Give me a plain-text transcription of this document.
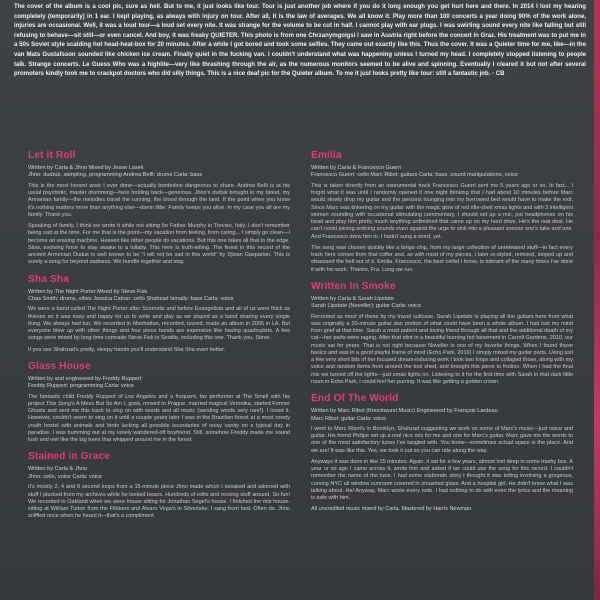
The cover of the album is a cool pic, sure as hell. But to me, it just looks like tour. Tour is just another job where if you do it long enough you get hurt here and there. In 2014 I lost my hearing completely (temporarily) in 1 ear. I kept playing, as always with injury on tour. After all, it is the law of averages. We all know it. Play more than 100 concerts a year doing 90% of the work alone, injuries are occasional. Well, it was a loud tour—a loud set every nite. It was strange for the volume to be cut in half. I cannot play with ear plugs. I was swirling sound every nite like falling but still refusing to behave—sit still—or even cancel. And boy, it was freaky QUIETER. This photo is from one Chrzanymgoigsi I saw in Austria right before the concert in Graz. His treatment was to put me in a 50s Soviet style scalding hot head-heat-box for 20 minutes. After a while I got bored and took some selfies. They came out exactly like this. Thus the cover. It was a Quieter time for me, like—in the van Mats Gustafsson sounded like chicken ice cream. Finally quiet in the fucking van. I couldn't understand what was happening unless I turned my head. I completely stopped listening to people talk. Strange concerts. Le Guess Who was a highlite—very like thrashing through the air, as the numerous monitors seemed to be alive and spinning. Eventually I cleared it but not after several promoters kindly took me to crackpot doctors who did silly things. This is a nice deaf pic for the Quieter album. To me it just looks pretty like tour: still a fantastic job. - CB

Let it Roll
Written by Carla & Jhno Mixed by Jesse Lasek
Jhno: dudruk, sampling, programming Andrea Belfi: drums Carla: bass

This is the most honest work I ever done—actually borderline dangerous to share. Andrea Belfi is at his usual psychotic, master drumming—here holding back—generous. Jhno's duduk brought in my blood, my Armenian family—the melodies travel the running; the blood through the land. If the point when you know it's nothing matters more than anything else—damn little. Family keeps you alive. In my case you all are my family. Thank you.

Speaking of family, I think we wrote it while out sitting for Father Murphy in Treviso, Italy. I don't remember being sad at the time. For me that is the point—my vacation from feeling, from caring... I simply go clean—I become an erasing machine. Heaven like other people do vacations. But this one takes all that to the edge. Slow, evolving force to stay awake to a lullaby. This here is truth-telling. The finest in this record of the ancient Armenian Duduk is well known to be "I will not be sad in this world" by Djivan Gasparian. This is surely a song for beyond sadness. We bundle together and stay.

Sha Sha
Written by The Night Porter Mixed by Steve Fisk
Chas Smith: drums, vibes Jessica Catron: cello Shahzad Ismaily: bass Carla: voice

We were a band called The Night Porter after Scornelis and before Evangelista and all of us were thick as thieves so it was easy and happy for us to write and play as we played as a band sharing every single thing. We always had fun. We recorded in Manhattan, recorded, toured, made an album in 2005 in LA. But everyone blew up with other things and four piece bands are expensive like having quadruplets. A few songs were mixed by long time comrade Steve Fisk in Seattle, including this one. Thank you, Steve.

If you see Shahzad's pretty, sleepy hands you'll understand Sha Sha even better.

Glass House
Written by and engineered by Freddy Ruppert
Freddy Ruppert: programming Carla: voice

The fantastic child Freddy Ruppert of Los Angeles and a frequent, fav performer at The Smell with his project This Song's A Mess But So Am I, grew, moved to Prague, married magical Veronika, started Former Ghosts and sent me this track to sing on with words and all music (sending words very rare!). I loved it. However, couldn't seem to sing on it until a couple years later I was in the Brazilian forest at a most rowdy youth hostel with animals and birds lacking all possible boundaries of noisy vanity on a typical day in paradise. I was bumming out at my lonely wandered-off boyfriend. Still, somehow Freddy made me sound lush and wet like the big trees that whipped around me in the forest.

Stained in Grace
Written by Carla & Jhno
Jhno: cello, voice Carla: voice

It's mostly 2, 4 and 8 second loops from a 15-minute piece Jhno made which I tweaked and adorned with stuff I plucked from my archives while he looked beans. Hundreds of edits and moving stuff around. So fun! We recorded in Oakland when we were house sitting for Jonathan Segel's house. I finished the mix house-sitting at William Tutton from the Flibbers and Alvaro Vega's in Silverlake. I sang from bed. Often do. Jhno sniffled once when he heard it—that's a compliment.

Emilia
Written by Carla & Francesco Guerri
Francesco Guerri: cello Marc Ribot: guitars Carla: bass, sound manipulations, voice

This is taken directly from an instrumental track Francesco Guerri sent me 5 years ago or so. In fact... I forgot what it was until I randomly opened it one night thinking that I had about 10 minutes before Marc would slowly drop my guitar and the persons lounging into my borrowed bed would have to make the exit. Since Marc was tinkering on my guitar with the magic glow of red rifle-shell xmas lights and with 3 intelligent women sounding with occasional stimulating commentary, I should set up a mic, put headphones on his head and play him pretty much anything unfinished that came up on my hard drive. He's the real deal. He can't resist joining enticing sounds even against the urge to sink into a pleasant snooze one's take and one. And Francesco drew him in. I hadn't sung a word, yet.

The song was chosen quickly like a bingo chip, from my large collection of unreleased stuff—in fact every track here comes from that coffer and, as with most of my pieces, I later re-styled, remixed, looped up and obsessed the hell out of it. Emilia. Francesco, the best cellist I know, is tolerant of the many times I've done it with his work. Thanks, Fra. Long we run.

Written In Smoke
Written by Carla & Sarah Lipstate
Sarah Lipstate (Noveller): guitar Carla: voice

Recorded as most of these by my travel suitcase. Sarah Lipstate is playing all the guitars here from what was originally a 20-minute guitar duo portion of what could have been a whole album. I had lost my mind from grief at that time. Sarah a most patient and loving friend through all that and the additional death of my cat—her parts were raging. After that stint in a beautiful burning hot basement in Carroll Gardens, 2010, our music sat for years. That is not right because Noveller is one of my favorite things. When I found these basics and was in a good playful frame of mind (Echo Park, 2016) I simply mixed my guitar parts. Using just a few very short bits of her focused dream-inducing work I took two loops and collaged those, along with my voice and random items from around the tool shed, and brought this piece to fruition. When I had the final mix we turned off the lights—just xmas lights on. Listening to it for the first time with Sarah in that dark little room in Echo Park, I could feel her purring. It was like getting a golden crown.

End Of The World
Written by Marc Ribot (Knockwurst Music) Engineered by François Lardeau
Marc Ribot: guitar Carla: voice

I went to Marc Ribot's in Brooklyn, Shahzad suggesting we work on some of Marc's music—just voice and guitar. His friend Philipe set up a real nice mic for me and one for Marc's guitar. Marc gave me the words to one of the most satisfactory tunes I've tangled with. You know—sometimes actual space is the place. And we are! It was like this. Yes, we took it out so you can ride along the way.

Anyways it was done in like 15 minutes. Again, it sat for a few years, almost lost deep in some trashy box. A year or so ago I came across it, wrote him and asked if we could use the song for this record. I couldn't remember the name of the tune. I had some elaborate story I thought it was telling involving a gorgeous, curving NYC all window sunroom covered in smashed glass. And a hospital girl. He didn't know what I was talking about. Ha! Anyway, Marc wrote every note. I had nothing to do with even the lyrics and the meaning is safe with him.

All uncredited music mixed by Carla. Mastered by Harris Newman.
